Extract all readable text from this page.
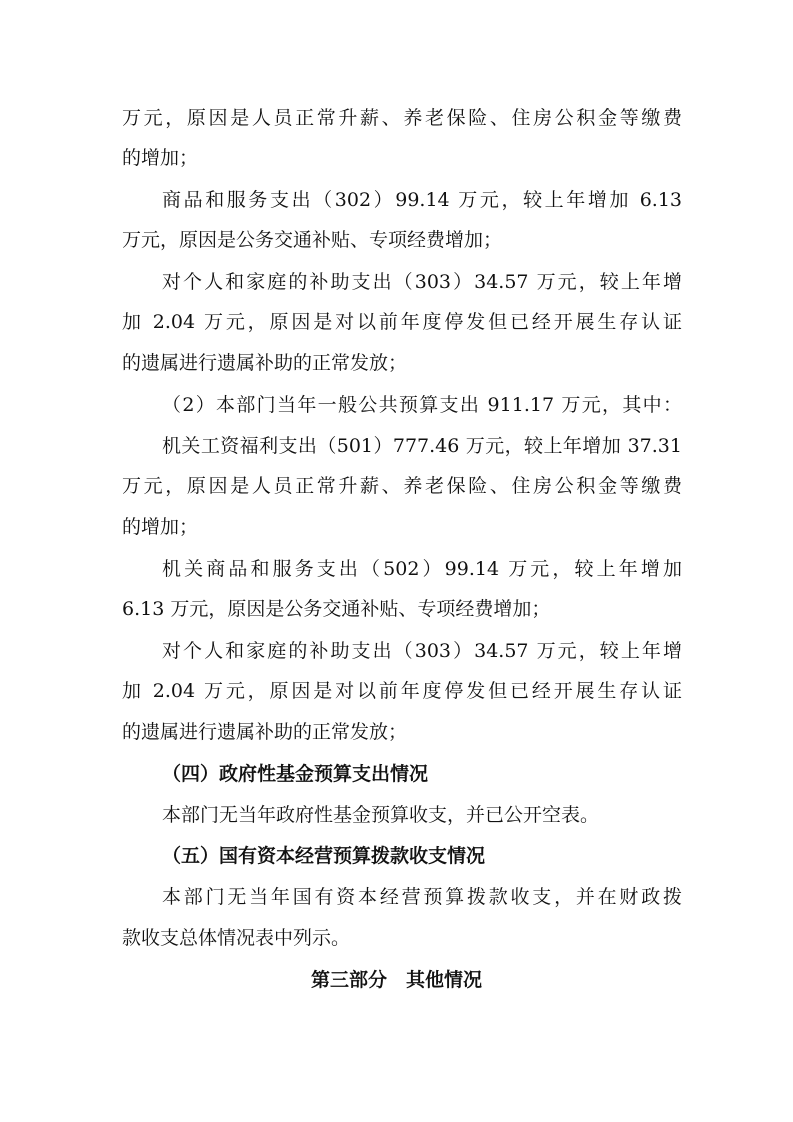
万元，原因是人员正常升薪、养老保险、住房公积金等缴费
的增加；
商品和服务支出（302）99.14 万元，较上年增加 6.13
万元，原因是公务交通补贴、专项经费增加；
对个人和家庭的补助支出（303）34.57 万元，较上年增
加 2.04 万元，原因是对以前年度停发但已经开展生存认证
的遗属进行遗属补助的正常发放；
（2）本部门当年一般公共预算支出 911.17 万元，其中：
机关工资福利支出（501）777.46 万元，较上年增加 37.31
万元，原因是人员正常升薪、养老保险、住房公积金等缴费
的增加；
机关商品和服务支出（502）99.14 万元，较上年增加
6.13 万元，原因是公务交通补贴、专项经费增加；
对个人和家庭的补助支出（303）34.57 万元，较上年增
加 2.04 万元，原因是对以前年度停发但已经开展生存认证
的遗属进行遗属补助的正常发放；
（四）政府性基金预算支出情况
本部门无当年政府性基金预算收支，并已公开空表。
（五）国有资本经营预算拨款收支情况
本部门无当年国有资本经营预算拨款收支，并在财政拨
款收支总体情况表中列示。
第三部分　其他情况
